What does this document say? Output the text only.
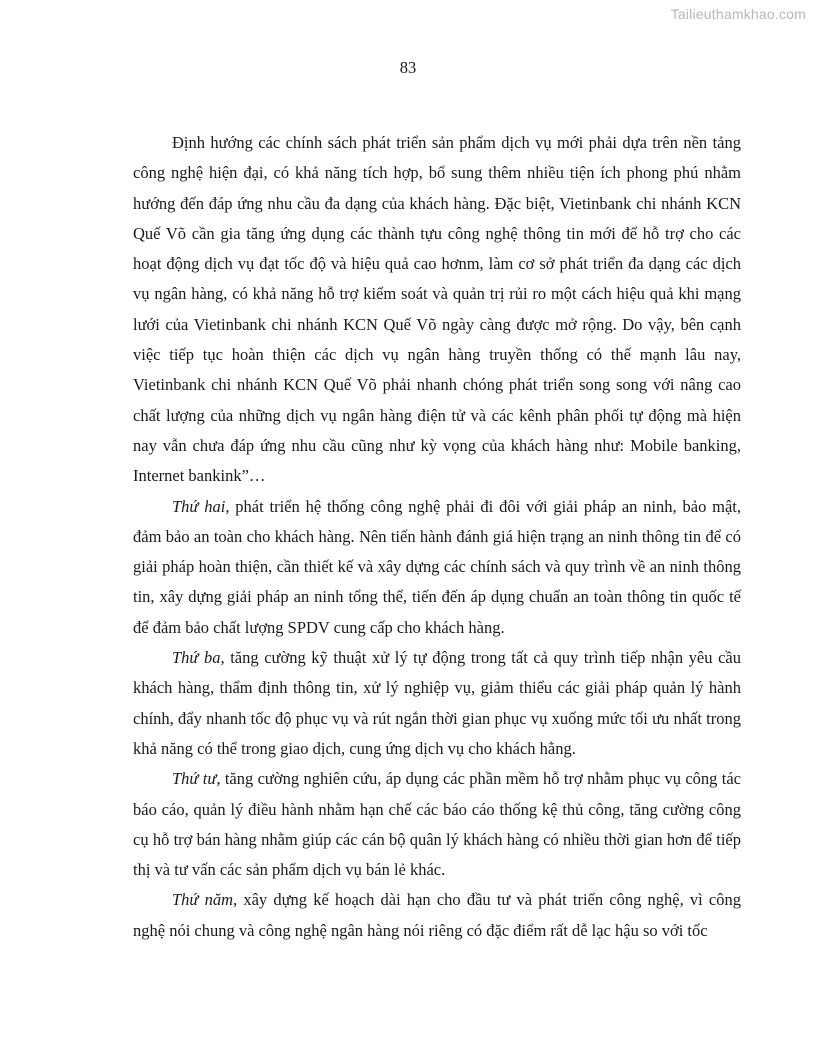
Tailieuthamkhao.com
83

Định hướng các chính sách phát triển sản phẩm dịch vụ mới phải dựa trên nền tảng công nghệ hiện đại, có khả năng tích hợp, bổ sung thêm nhiều tiện ích phong phú nhằm hướng đến đáp ứng nhu cầu đa dạng của khách hàng. Đặc biệt, Vietinbank chi nhánh KCN Quế Võ cần gia tăng ứng dụng các thành tựu công nghệ thông tin mới để hỗ trợ cho các hoạt động dịch vụ đạt tốc độ và hiệu quả cao hơnm, làm cơ sở phát triển đa dạng các dịch vụ ngân hàng, có khả năng hỗ trợ kiểm soát và quản trị rủi ro một cách hiệu quả khi mạng lưới của Vietinbank chi nhánh KCN Quế Võ ngày càng được mở rộng. Do vậy, bên cạnh việc tiếp tục hoàn thiện các dịch vụ ngân hàng truyền thống có thế mạnh lâu nay, Vietinbank chi nhánh KCN Quế Võ phải nhanh chóng phát triển song song với nâng cao chất lượng của những dịch vụ ngân hàng điện tử và các kênh phân phối tự động mà hiện nay vẫn chưa đáp ứng nhu cầu cũng như kỳ vọng của khách hàng như: Mobile banking, Internet bankink”…

Thứ hai, phát triển hệ thống công nghệ phải đi đôi với giải pháp an ninh, bảo mật, đảm bảo an toàn cho khách hàng. Nên tiến hành đánh giá hiện trạng an ninh thông tin để có giải pháp hoàn thiện, cần thiết kế và xây dựng các chính sách và quy trình về an ninh thông tin, xây dựng giải pháp an ninh tổng thể, tiến đến áp dụng chuẩn an toàn thông tin quốc tế để đảm bảo chất lượng SPDV cung cấp cho khách hàng.

Thứ ba, tăng cường kỹ thuật xử lý tự động trong tất cả quy trình tiếp nhận yêu cầu khách hàng, thẩm định thông tin, xử lý nghiệp vụ, giảm thiểu các giải pháp quản lý hành chính, đẩy nhanh tốc độ phục vụ và rút ngắn thời gian phục vụ xuống mức tối ưu nhất trong khả năng có thể trong giao dịch, cung ứng dịch vụ cho khách hằng.

Thứ tư, tăng cường nghiên cứu, áp dụng các phần mềm hỗ trợ nhằm phục vụ công tác báo cáo, quản lý điều hành nhằm hạn chế các báo cáo thống kệ thủ công, tăng cường công cụ hỗ trợ bán hàng nhằm giúp các cán bộ quân lý khách hàng có nhiều thời gian hơn để tiếp thị và tư vấn các sản phẩm dịch vụ bán lẻ khác.

Thứ năm, xây dựng kế hoạch dài hạn cho đầu tư và phát triển công nghệ, vì công nghệ nói chung và công nghệ ngân hàng nói riêng có đặc điểm rất dễ lạc hậu so với tốc
